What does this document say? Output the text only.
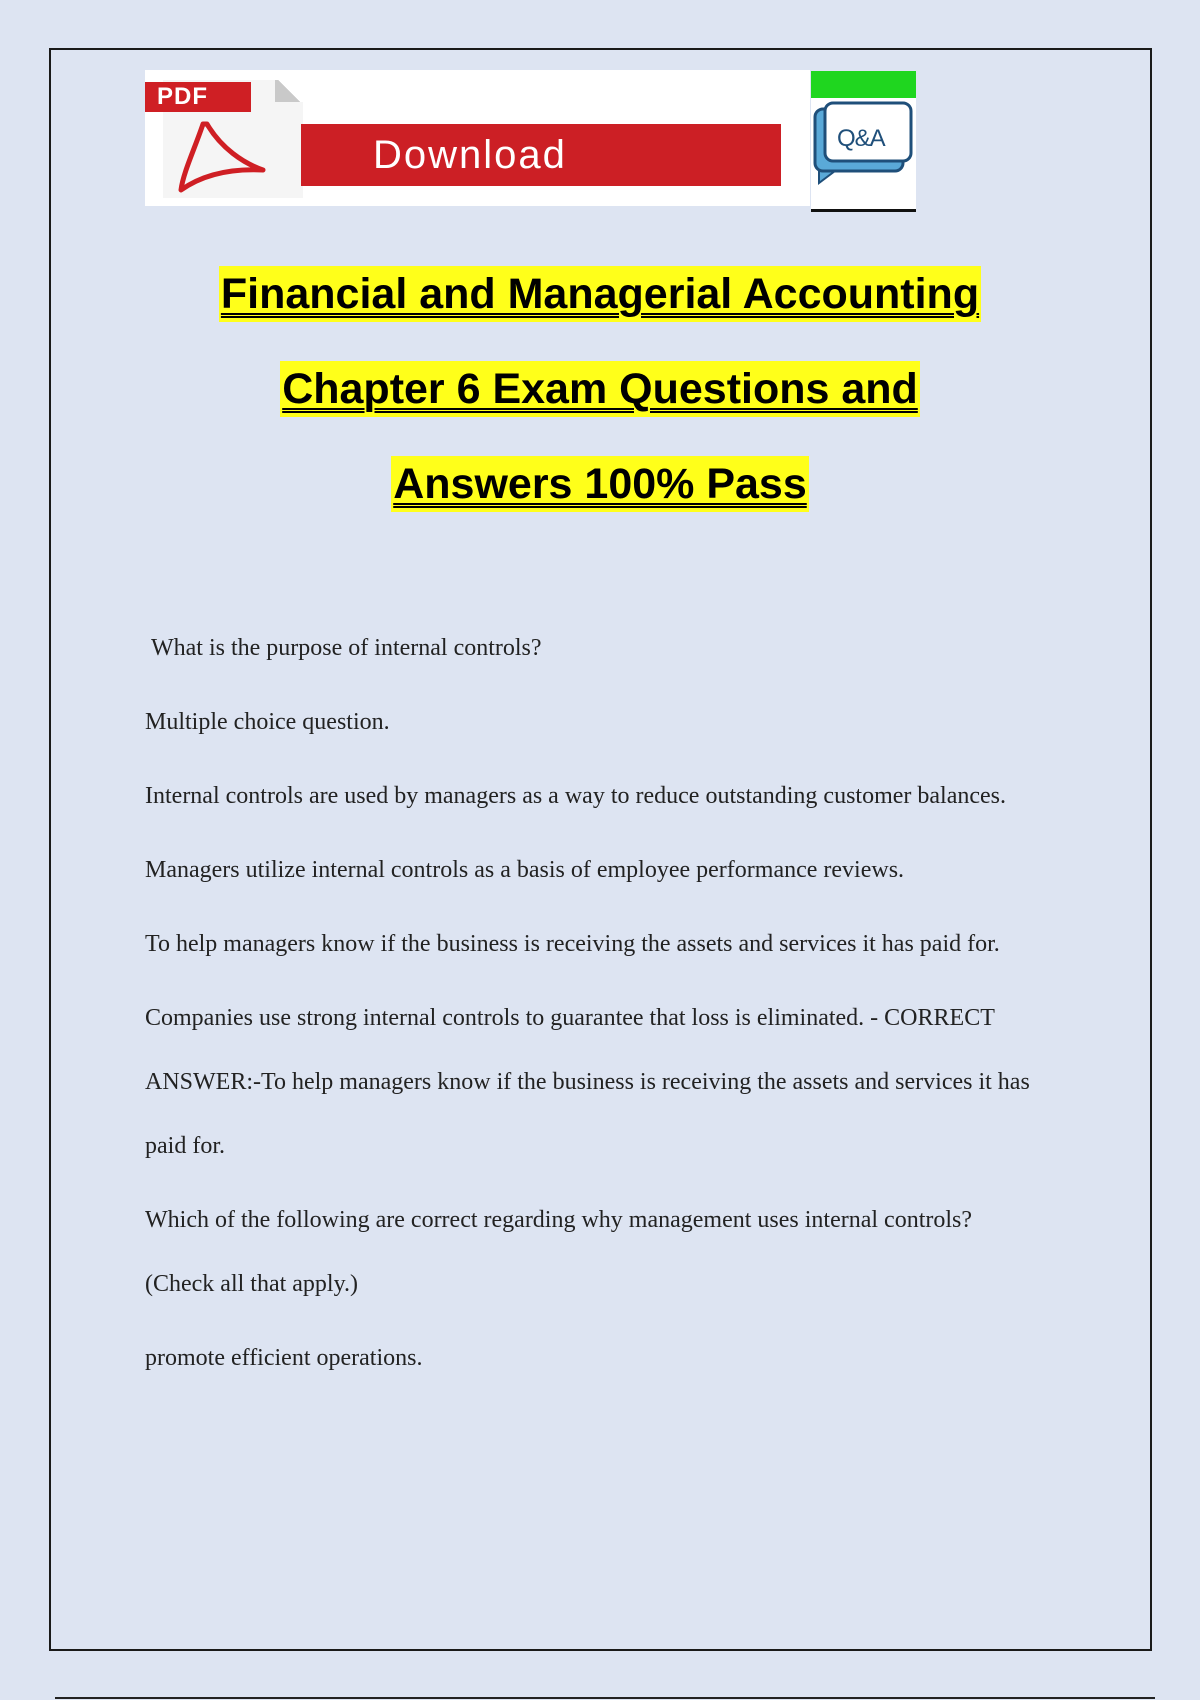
PDF
Download	Q&A
Financial and Managerial Accounting
Chapter 6 Exam Questions and
Answers 100% Pass

What is the purpose of internal controls?

Multiple choice question.

Internal controls are used by managers as a way to reduce outstanding customer balances.

Managers utilize internal controls as a basis of employee performance reviews.

To help managers know if the business is receiving the assets and services it has paid for.

Companies use strong internal controls to guarantee that loss is eliminated. - CORRECT ANSWER:-To help managers know if the business is receiving the assets and services it has paid for.

Which of the following are correct regarding why management uses internal controls? (Check all that apply.)

promote efficient operations.
